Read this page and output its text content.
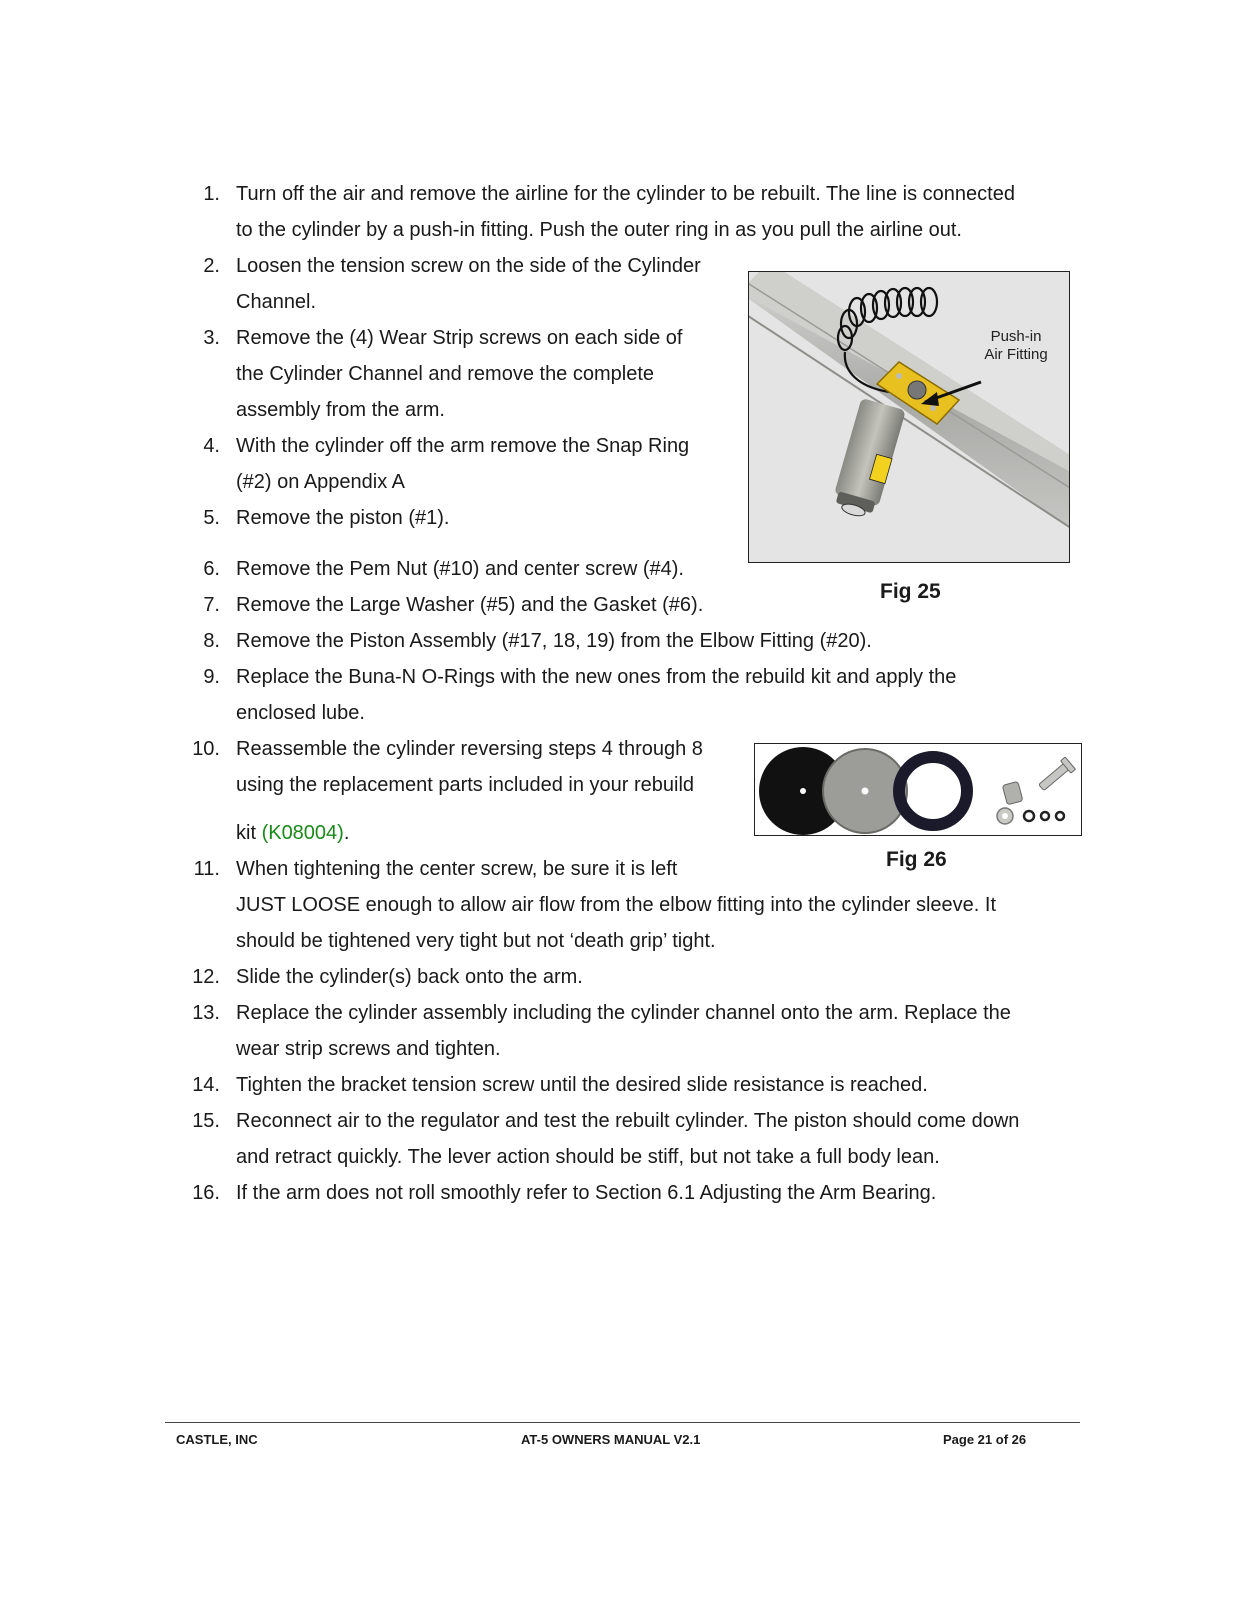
1. Turn off the air and remove the airline for the cylinder to be rebuilt. The line is connected
to the cylinder by a push-in fitting. Push the outer ring in as you pull the airline out.
2. Loosen the tension screw on the side of the Cylinder
Channel.
3. Remove the (4) Wear Strip screws on each side of
the Cylinder Channel and remove the complete
assembly from the arm.
4. With the cylinder off the arm remove the Snap Ring
(#2) on Appendix A
5. Remove the piston (#1).
6. Remove the Pem Nut (#10) and center screw (#4).
7. Remove the Large Washer (#5) and the Gasket (#6).
8. Remove the Piston Assembly (#17, 18, 19) from the Elbow Fitting (#20).
9. Replace the Buna-N O-Rings with the new ones from the rebuild kit and apply the
enclosed lube.
10. Reassemble the cylinder reversing steps 4 through 8
using the replacement parts included in your rebuild
kit (K08004).
11. When tightening the center screw, be sure it is left
JUST LOOSE enough to allow air flow from the elbow fitting into the cylinder sleeve. It
should be tightened very tight but not ‘death grip’ tight.
12. Slide the cylinder(s) back onto the arm.
13. Replace the cylinder assembly including the cylinder channel onto the arm. Replace the
wear strip screws and tighten.
14. Tighten the bracket tension screw until the desired slide resistance is reached.
15. Reconnect air to the regulator and test the rebuilt cylinder. The piston should come down
and retract quickly. The lever action should be stiff, but not take a full body lean.
16. If the arm does not roll smoothly refer to Section 6.1 Adjusting the Arm Bearing.
Push-in
Air Fitting
Fig 25
Fig 26
CASTLE, INC	AT-5 OWNERS MANUAL V2.1	Page 21 of 26
